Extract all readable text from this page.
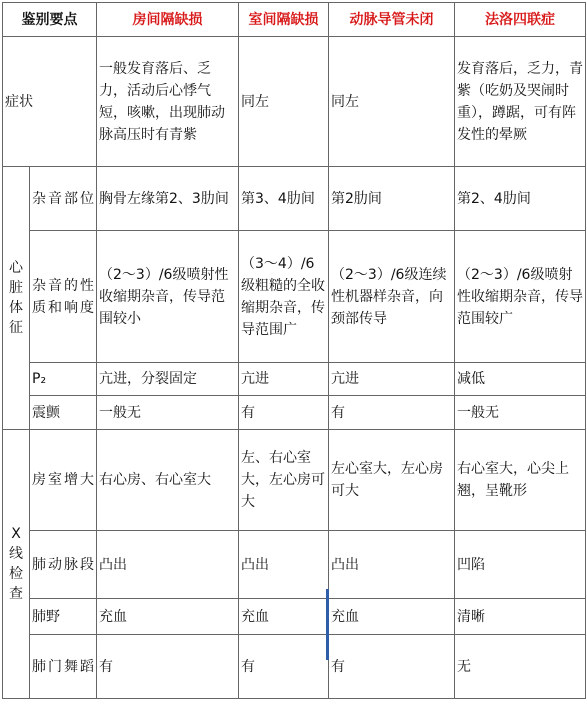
鉴别要点		房间隔缺损	室间隔缺损	动脉导管未闭	法洛四联症
症状		一般发育落后、乏力，活动后心悸气短，咳嗽，出现肺动脉高压时有青紫	同左	同左	发育落后，乏力，青紫（吃奶及哭闹时重），蹲踞，可有阵发性的晕厥

心
脏
体
征	杂音部位	胸骨左缘第2、3肋间	第3、4肋间	第2肋间	第2、4肋间
	杂音的性质和响度	（2～3）/6级喷射性收缩期杂音，传导范围较小	（3～4）/6级粗糙的全收缩期杂音，传导范围广	（2～3）/6级连续性机器样杂音，向颈部传导	（2～3）/6级喷射性收缩期杂音，传导范围较广
	P₂	亢进，分裂固定	亢进	亢进	减低
	震颤	一般无	有	有	一般无

X
线
检
查	房室增大	右心房、右心室大	左、右心室大，左心房可大	左心室大，左心房可大	右心室大，心尖上翘，呈靴形
	肺动脉段	凸出	凸出	凸出	凹陷
	肺野	充血	充血	充血	清晰
	肺门舞蹈	有	有	有	无
